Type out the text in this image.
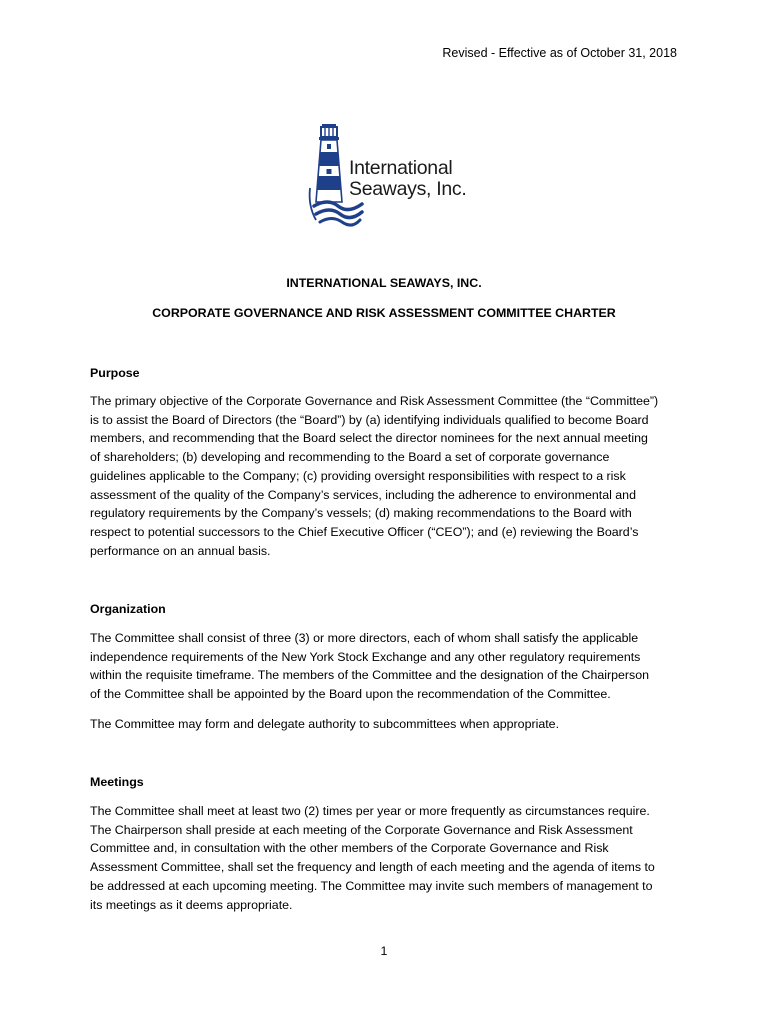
Revised - Effective as of October 31, 2018
International
Seaways, Inc.
INTERNATIONAL SEAWAYS, INC.
CORPORATE GOVERNANCE AND RISK ASSESSMENT COMMITTEE CHARTER
Purpose
The primary objective of the Corporate Governance and Risk Assessment Committee (the “Committee”)
is to assist the Board of Directors (the “Board”) by (a) identifying individuals qualified to become Board
members, and recommending that the Board select the director nominees for the next annual meeting
of shareholders; (b) developing and recommending to the Board a set of corporate governance
guidelines applicable to the Company; (c) providing oversight responsibilities with respect to a risk
assessment of the quality of the Company’s services, including the adherence to environmental and
regulatory requirements by the Company’s vessels; (d) making recommendations to the Board with
respect to potential successors to the Chief Executive Officer (“CEO”); and (e) reviewing the Board’s
performance on an annual basis.
Organization
The Committee shall consist of three (3) or more directors, each of whom shall satisfy the applicable
independence requirements of the New York Stock Exchange and any other regulatory requirements
within the requisite timeframe. The members of the Committee and the designation of the Chairperson
of the Committee shall be appointed by the Board upon the recommendation of the Committee.
The Committee may form and delegate authority to subcommittees when appropriate.
Meetings
The Committee shall meet at least two (2) times per year or more frequently as circumstances require.
The Chairperson shall preside at each meeting of the Corporate Governance and Risk Assessment
Committee and, in consultation with the other members of the Corporate Governance and Risk
Assessment Committee, shall set the frequency and length of each meeting and the agenda of items to
be addressed at each upcoming meeting. The Committee may invite such members of management to
its meetings as it deems appropriate.
1
